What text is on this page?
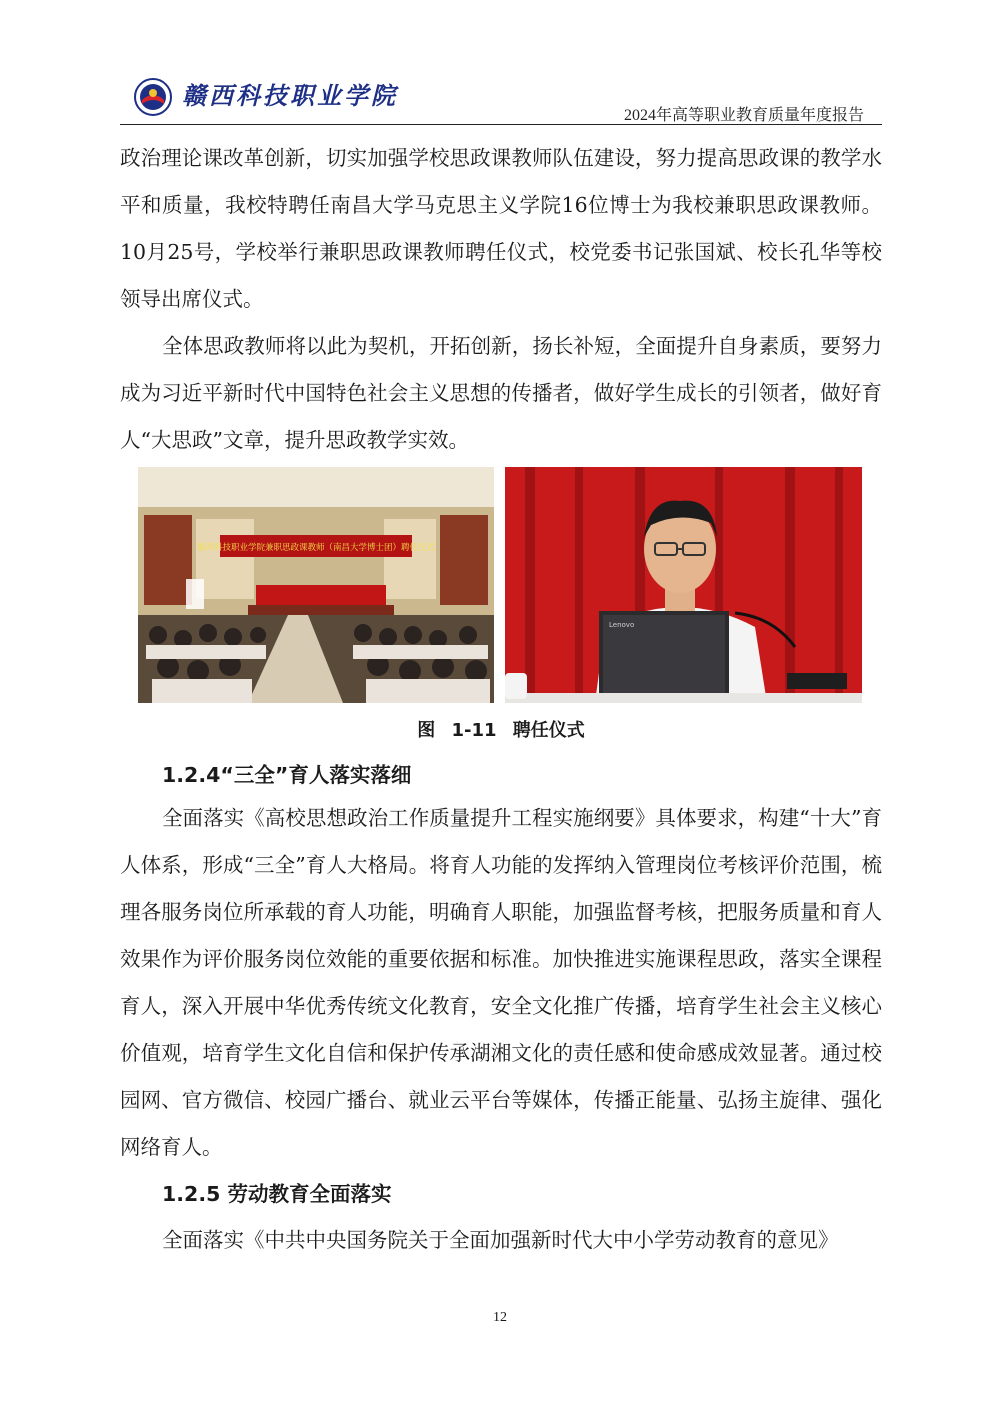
赣西科技职业学院
2024年高等职业教育质量年度报告

政治理论课改革创新，切实加强学校思政课教师队伍建设，努力提高思政课的教学水平和质量，我校特聘任南昌大学马克思主义学院16位博士为我校兼职思政课教师。10月25号，学校举行兼职思政课教师聘任仪式，校党委书记张国斌、校长孔华等校领导出席仪式。

全体思政教师将以此为契机，开拓创新，扬长补短，全面提升自身素质，要努力成为习近平新时代中国特色社会主义思想的传播者，做好学生成长的引领者，做好育人“大思政”文章，提升思政教学实效。

赣西科技职业学院兼职思政课教师（南昌大学博士团）聘任仪式
Lenovo
图 1-11 聘任仪式

1.2.4“三全”育人落实落细

全面落实《高校思想政治工作质量提升工程实施纲要》具体要求，构建“十大”育人体系，形成“三全”育人大格局。将育人功能的发挥纳入管理岗位考核评价范围，梳理各服务岗位所承载的育人功能，明确育人职能，加强监督考核，把服务质量和育人效果作为评价服务岗位效能的重要依据和标准。加快推进实施课程思政，落实全课程育人，深入开展中华优秀传统文化教育，安全文化推广传播，培育学生社会主义核心价值观，培育学生文化自信和保护传承湖湘文化的责任感和使命感成效显著。通过校园网、官方微信、校园广播台、就业云平台等媒体，传播正能量、弘扬主旋律、强化网络育人。

1.2.5 劳动教育全面落实

全面落实《中共中央国务院关于全面加强新时代大中小学劳动教育的意见》

12
